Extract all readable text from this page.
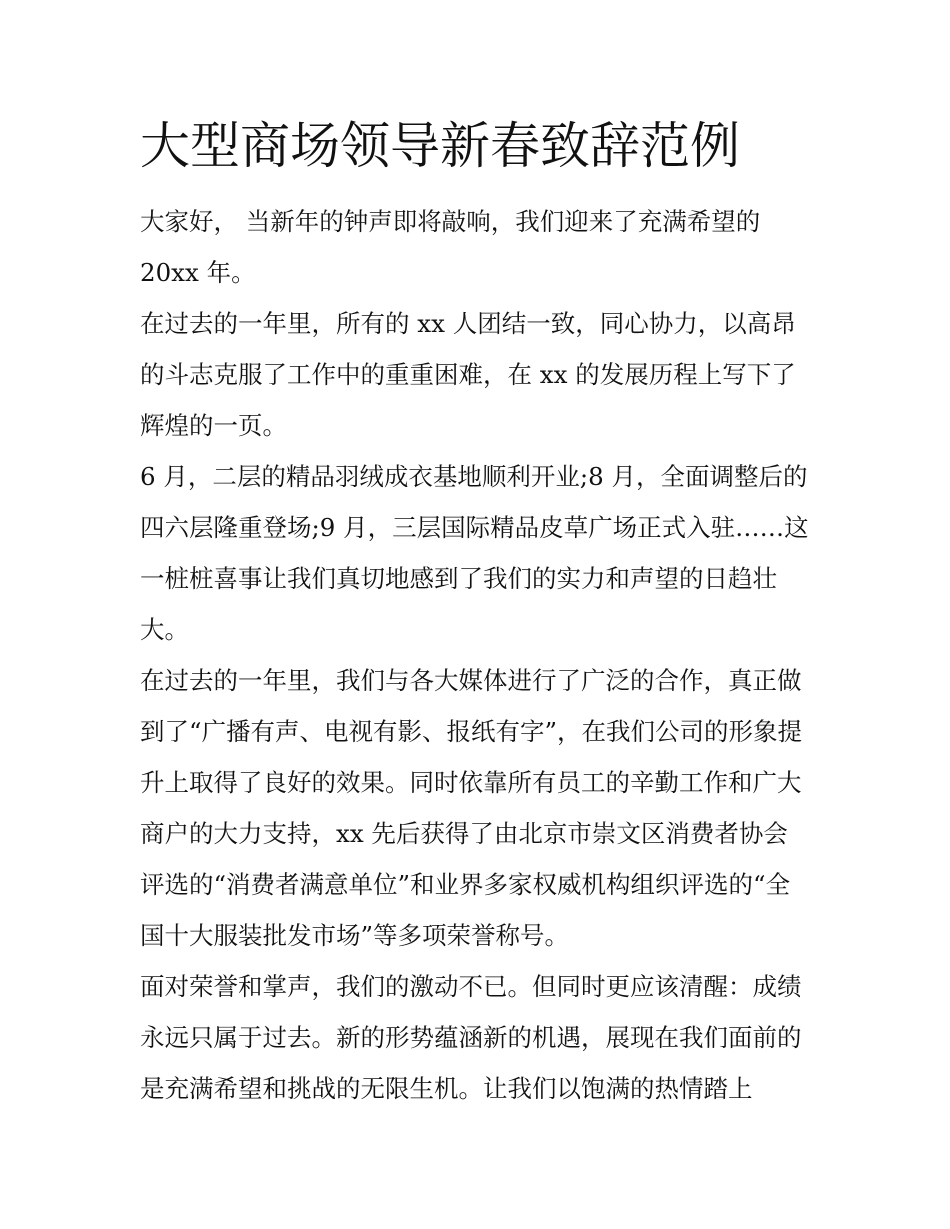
大型商场领导新春致辞范例

大家好， 当新年的钟声即将敲响，我们迎来了充满希望的

20xx 年。

在过去的一年里，所有的 xx 人团结一致，同心协力，以高昂

的斗志克服了工作中的重重困难，在 xx 的发展历程上写下了

辉煌的一页。

6 月，二层的精品羽绒成衣基地顺利开业;8 月，全面调整后的

四六层隆重登场;9 月，三层国际精品皮草广场正式入驻……这

一桩桩喜事让我们真切地感到了我们的实力和声望的日趋壮

大。

在过去的一年里，我们与各大媒体进行了广泛的合作，真正做

到了“广播有声、电视有影、报纸有字”，在我们公司的形象提

升上取得了良好的效果。同时依靠所有员工的辛勤工作和广大

商户的大力支持，xx 先后获得了由北京市崇文区消费者协会

评选的“消费者满意单位”和业界多家权威机构组织评选的“全

国十大服装批发市场”等多项荣誉称号。

面对荣誉和掌声，我们的激动不已。但同时更应该清醒：成绩

永远只属于过去。新的形势蕴涵新的机遇，展现在我们面前的

是充满希望和挑战的无限生机。让我们以饱满的热情踏上
